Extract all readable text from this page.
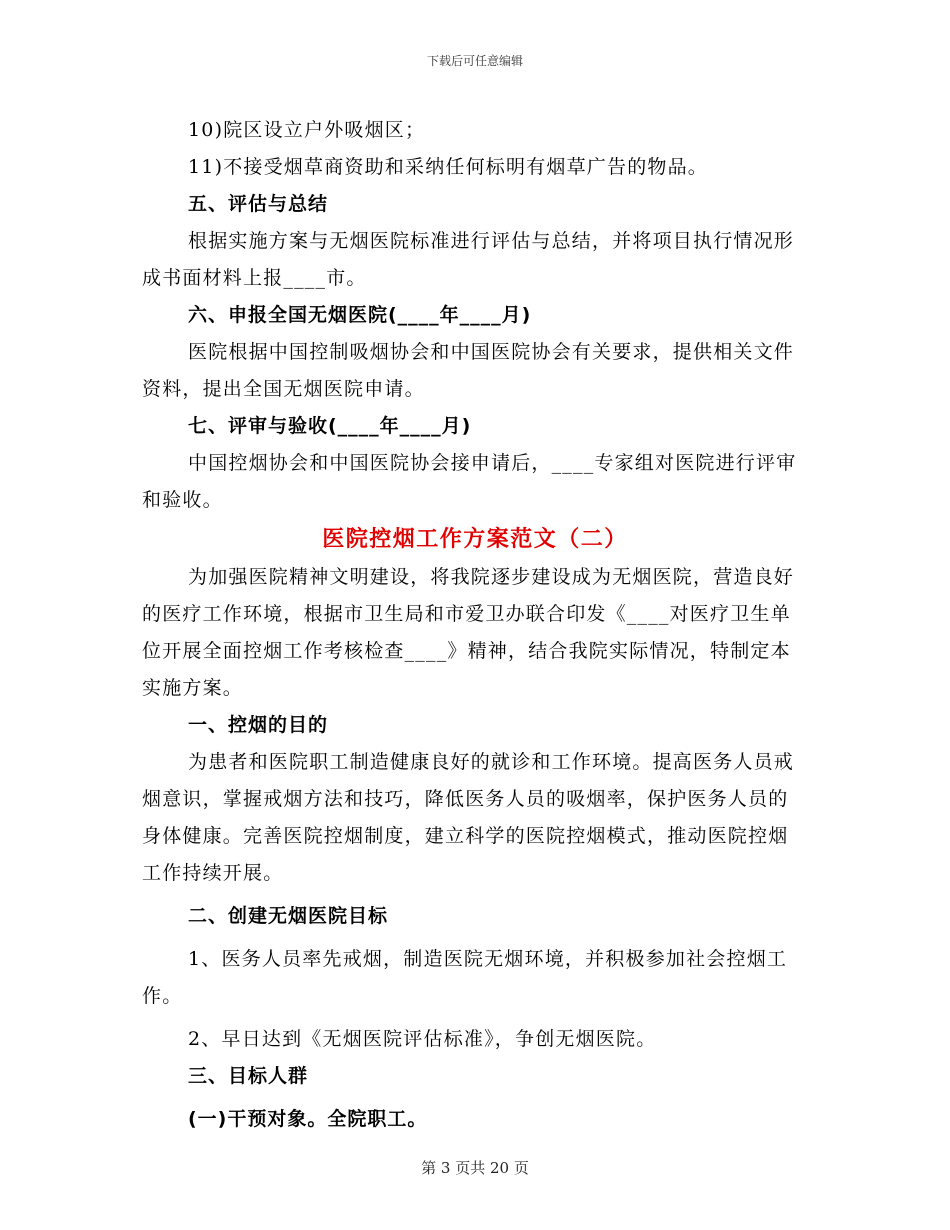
下载后可任意编辑

10)院区设立户外吸烟区；

11)不接受烟草商资助和采纳任何标明有烟草广告的物品。

五、评估与总结

根据实施方案与无烟医院标准进行评估与总结，并将项目执行情况形成书面材料上报____市。

六、申报全国无烟医院(____年____月)

医院根据中国控制吸烟协会和中国医院协会有关要求，提供相关文件资料，提出全国无烟医院申请。

七、评审与验收(____年____月)

中国控烟协会和中国医院协会接申请后，____专家组对医院进行评审和验收。

医院控烟工作方案范文（二）

为加强医院精神文明建设，将我院逐步建设成为无烟医院，营造良好的医疗工作环境，根据市卫生局和市爱卫办联合印发《____对医疗卫生单位开展全面控烟工作考核检查____》精神，结合我院实际情况，特制定本实施方案。

一、控烟的目的

为患者和医院职工制造健康良好的就诊和工作环境。提高医务人员戒烟意识，掌握戒烟方法和技巧，降低医务人员的吸烟率，保护医务人员的身体健康。完善医院控烟制度，建立科学的医院控烟模式，推动医院控烟工作持续开展。

二、创建无烟医院目标

1、医务人员率先戒烟，制造医院无烟环境，并积极参加社会控烟工作。

2、早日达到《无烟医院评估标准》，争创无烟医院。

三、目标人群

(一)干预对象。全院职工。

第 3 页共 20 页
